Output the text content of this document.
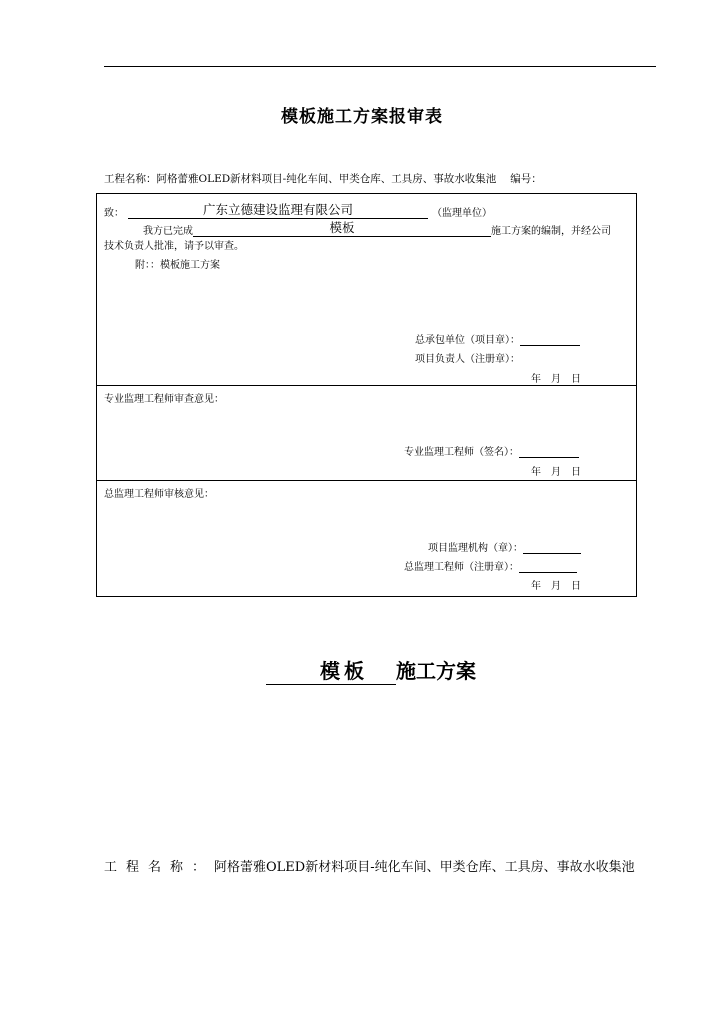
模板施工方案报审表
工程名称：阿格蕾雅OLED新材料项目-纯化车间、甲类仓库、工具房、事故水收集池 编号：
致：	广东立德建设监理有限公司	（监理单位）
我方已完成	模板	施工方案的编制，并经公司
技术负责人批准，请予以审查。
附：：模板施工方案
总承包单位（项目章）：
项目负责人（注册章）：
年　月　日
专业监理工程师审查意见：
专业监理工程师（签名）：
年　月　日
总监理工程师审核意见：
项目监理机构（章）：
总监理工程师（注册章）：
年　月　日
模板 施工方案
工程名称：阿格蕾雅OLED新材料项目-纯化车间、甲类仓库、工具房、事故水收集池
